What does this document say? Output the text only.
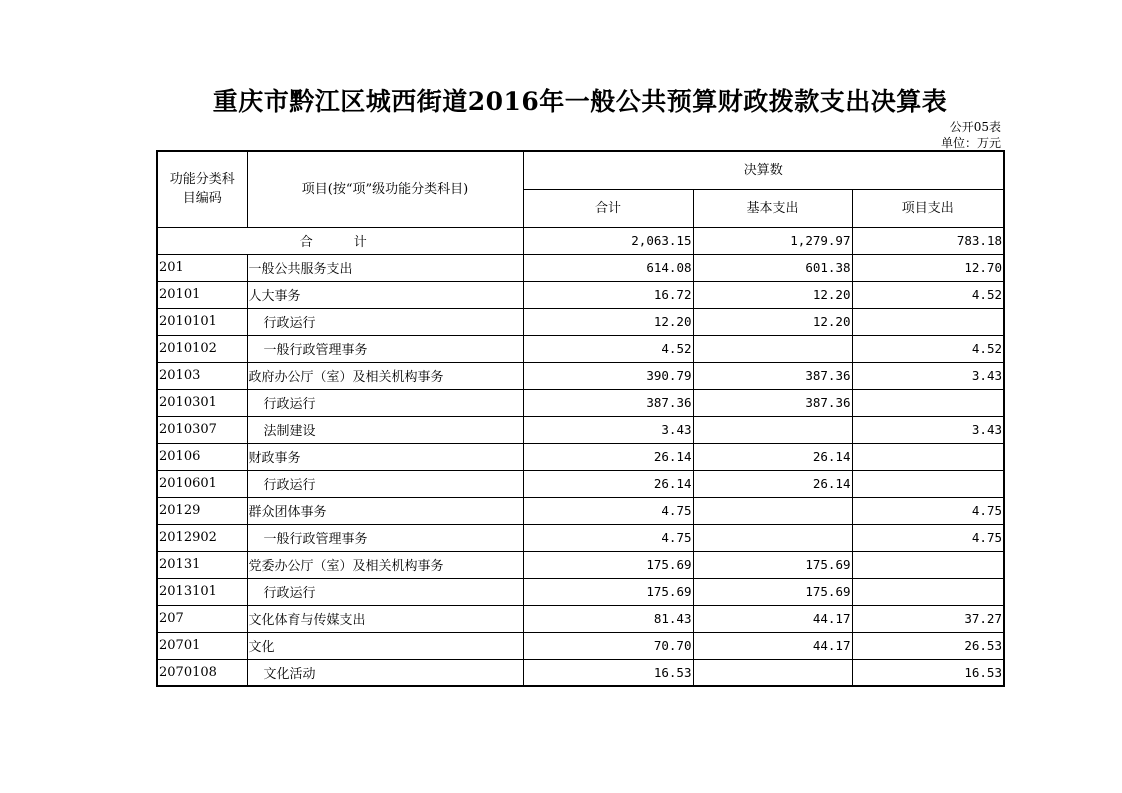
重庆市黔江区城西街道2016年一般公共预算财政拨款支出决算表
公开05表
单位：万元
功能分类科目编码	项目(按“项”级功能分类科目)	决算数		
		合计	基本支出	项目支出
合　计		2,063.15	1,279.97	783.18
201	一般公共服务支出	614.08	601.38	12.70
20101	人大事务	16.72	12.20	4.52
2010101	行政运行	12.20	12.20	
2010102	一般行政管理事务	4.52		4.52
20103	政府办公厅（室）及相关机构事务	390.79	387.36	3.43
2010301	行政运行	387.36	387.36	
2010307	法制建设	3.43		3.43
20106	财政事务	26.14	26.14	
2010601	行政运行	26.14	26.14	
20129	群众团体事务	4.75		4.75
2012902	一般行政管理事务	4.75		4.75
20131	党委办公厅（室）及相关机构事务	175.69	175.69	
2013101	行政运行	175.69	175.69	
207	文化体育与传媒支出	81.43	44.17	37.27
20701	文化	70.70	44.17	26.53
2070108	文化活动	16.53		16.53
